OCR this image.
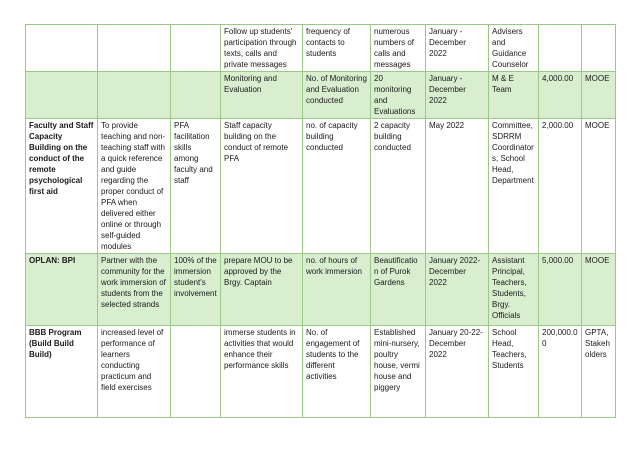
			Follow up students' participation through texts, calls and private messages	frequency of contacts to students	numerous numbers of calls and messages	January - December 2022	Advisers and Guidance Counselor		
			Monitoring and Evaluation	No. of Monitoring and Evaluation conducted	20 monitoring and Evaluations	January - December 2022	M & E Team	4,000.00	MOOE
Faculty and Staff Capacity Building on the conduct of the remote psychological first aid	To provide teaching and non-teaching staff with a quick reference and guide regarding the proper conduct of PFA when delivered either online or through self-guided modules	PFA facilitation skills among faculty and staff	Staff capacity building on the conduct of remote PFA	no. of capacity building conducted	2 capacity building conducted	May 2022	Committee, SDRRM Coordinators, School Head, Department	2,000.00	MOOE
OPLAN: BPI	Partner with the community for the work immersion of students from the selected strands	100% of the immersion student's involvement	prepare MOU to be approved by the Brgy. Captain	no. of hours of work immersion	Beautification of Purok Gardens	January 2022-December 2022	Assistant Principal, Teachers, Students, Brgy. Officials	5,000.00	MOOE
BBB Program (Build Build Build)	increased level of performance of learners conducting practicum and field exercises		immerse students in activities that would enhance their performance skills	No. of engagement of students to the different activities	Established mini-nursery, poultry house, vermi house and piggery	January 20-22-December 2022	School Head, Teachers, Students	200,000.00	GPTA, Stakeholders
